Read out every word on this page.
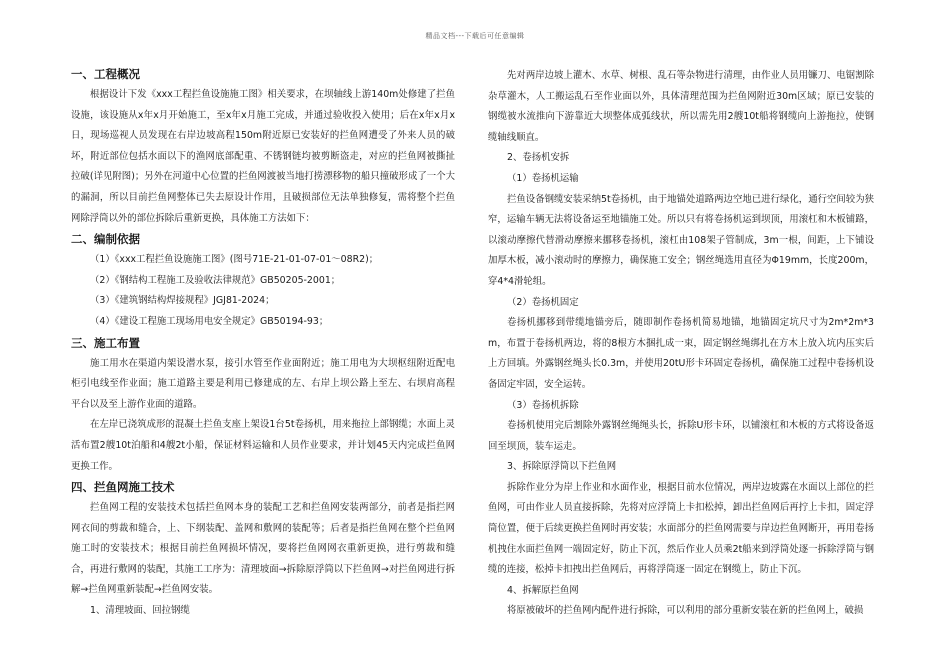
精品文档---下载后可任意编辑
一、工程概况

根据设计下发《xxx工程拦鱼设施施工图》相关要求，在坝轴线上游140m处修建了拦鱼设施，该设施从x年x月开始施工，至x年x月施工完成，并通过验收投入使用；后在x年x月x日，现场巡视人员发现在右岸边坡高程150m附近原已安装好的拦鱼网遭受了外来人员的破坏，附近部位包括水面以下的渔网底部配重、不锈钢链均被剪断盗走，对应的拦鱼网被撕扯拉破(详见附图)；另外在河道中心位置的拦鱼网渡被当地打捞漂移物的船只撞破形成了一个大的漏洞，所以目前拦鱼网整体已失去原设计作用，且破损部位无法单独修复，需将整个拦鱼网除浮筒以外的部位拆除后重新更换，具体施工方法如下：

二、编制依据

（1）《xxx工程拦鱼设施施工图》(图号71E-21-01-07-01～08R2)；

（2）《钢结构工程施工及验收法律规范》GB50205-2001；

（3）《建筑钢结构焊接规程》JGJ81-2024；

（4）《建设工程施工现场用电安全规定》GB50194-93；

三、施工布置

施工用水在渠道内架设潜水泵，接引水管至作业面附近；施工用电为大坝枢纽附近配电柜引电线至作业面；施工道路主要是利用已修建成的左、右岸上坝公路上至左、右坝肩高程平台以及至上游作业面的道路。

在左岸已浇筑成形的混凝土拦鱼支座上架设1台5t卷扬机，用来拖拉上部钢缆；水面上灵活布置2艘10t泊船和4艘2t小船，保证材料运输和人员作业要求，并计划45天内完成拦鱼网更换工作。

四、拦鱼网施工技术

拦鱼网工程的安装技术包括拦鱼网本身的装配工艺和拦鱼网安装两部分，前者是指拦网网衣间的剪裁和缝合，上、下纲装配、盖网和敷网的装配等；后者是指拦鱼网在整个拦鱼网施工时的安装技术；根据目前拦鱼网损坏情况，要将拦鱼网网衣重新更换，进行剪裁和缝合，再进行敷网的装配，其施工工序为：清理坡面→拆除原浮筒以下拦鱼网→对拦鱼网进行拆解→拦鱼网重新装配→拦鱼网安装。

1、清理坡面、回拉钢缆

先对两岸边坡上灌木、水草、树根、乱石等杂物进行清理，由作业人员用镰刀、电锯割除杂草灌木，人工搬运乱石至作业面以外，具体清理范围为拦鱼网附近30m区域；原已安装的钢缆被水流推向下游靠近大坝整体成弧线状，所以需先用2艘10t船将钢缆向上游拖拉，使钢缆轴线顺直。

2、卷扬机安拆

（1）卷扬机运输

拦鱼设备钢缆安装采纳5t卷扬机，由于地锚处道路两边空地已进行绿化，通行空间较为狭窄，运输车辆无法将设备运至地锚施工处。所以只有将卷扬机运到坝顶，用滚杠和木板铺路，以滚动摩擦代替滑动摩擦来挪移卷扬机，滚杠由108架子管制成，3m一根，间距，上下铺设加厚木板，减小滚动时的摩擦力，确保施工安全；钢丝绳选用直径为Φ19mm，长度200m，穿4*4滑轮组。

（2）卷扬机固定

卷扬机挪移到带缆地锚旁后，随即制作卷扬机简易地锚，地锚固定坑尺寸为2m*2m*3m，布置于卷扬机两边，将的8根方木捆扎成一束，固定钢丝绳绑扎在方木上放入坑内压实后上方回填。外露钢丝绳头长0.3m，并使用20tU形卡环固定卷扬机，确保施工过程中卷扬机设备固定牢固，安全运转。

（3）卷扬机拆除

卷扬机使用完后割除外露钢丝绳绳头长，拆除U形卡环，以铺滚杠和木板的方式将设备返回至坝顶，装车运走。

3、拆除原浮筒以下拦鱼网

拆除作业分为岸上作业和水面作业，根据目前水位情况，两岸边坡露在水面以上部位的拦鱼网，可由作业人员直接拆除，先将对应浮筒上卡扣松掉，卸出拦鱼网后再拧上卡扣，固定浮筒位置，便于后续更换拦鱼网时再安装；水面部分的拦鱼网需要与岸边拦鱼网断开，再用卷扬机拽住水面拦鱼网一端固定好，防止下沉，然后作业人员乘2t船来到浮筒处逐一拆除浮筒与钢缆的连接，松掉卡扣拽出拦鱼网后，再将浮筒逐一固定在钢缆上，防止下沉。

4、拆解原拦鱼网

将原被破坏的拦鱼网内配件进行拆除，可以利用的部分重新安装在新的拦鱼网上，破损
